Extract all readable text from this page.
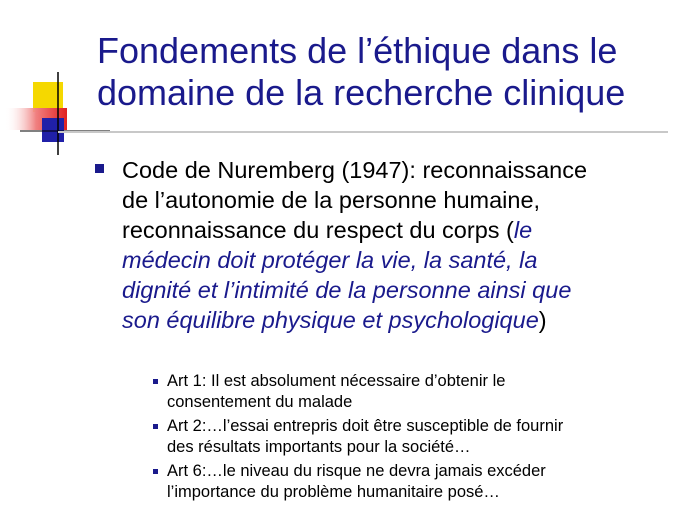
Fondements de l’éthique dans le
domaine de la recherche clinique
Code de Nuremberg (1947): reconnaissance
de l’autonomie de la personne humaine,
reconnaissance du respect du corps (le
médecin doit protéger la vie, la santé, la
dignité et l’intimité de la personne ainsi que
son équilibre physique et psychologique)
Art 1: Il est absolument nécessaire d’obtenir le
consentement du malade
Art 2:…l’essai entrepris doit être susceptible de fournir
des résultats importants pour la société…
Art 6:…le niveau du risque ne devra jamais excéder
l’importance du problème humanitaire posé…
